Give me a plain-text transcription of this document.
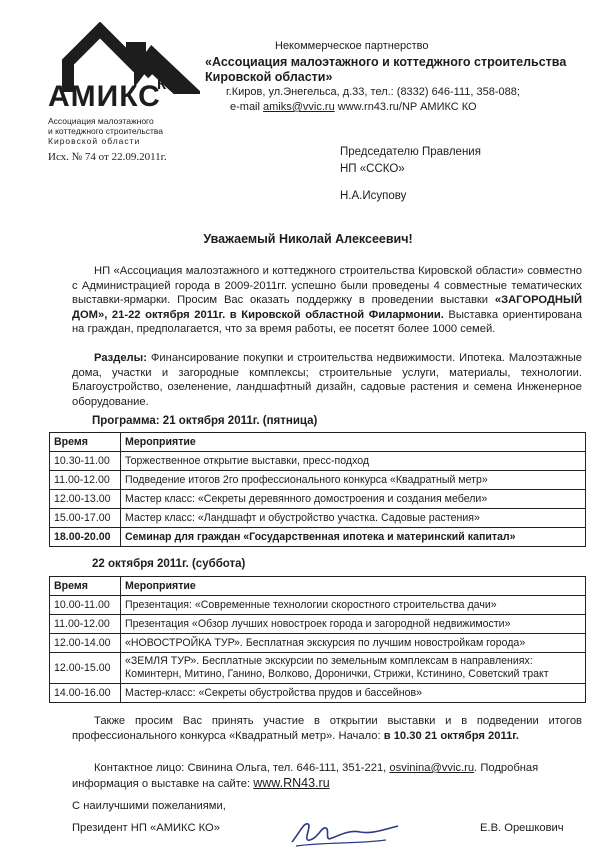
АМИКС
КО
Ассоциация малоэтажного
и коттеджного строительства
Кировской области
Некоммерческое партнерство
«Ассоциация малоэтажного и коттеджного строительства Кировской области»
г.Киров, ул.Энегельса, д.33, тел.: (8332) 646-111, 358-088;
e-mail amiks@vvic.ru www.rn43.ru/NP АМИКС КО
Исх. № 74 от 22.09.2011г.	Председателю Правления
НП «ССКО»
Н.А.Исупову
Уважаемый Николай Алексеевич!
НП «Ассоциация малоэтажного и коттеджного строительства Кировской области» совместно с Администрацией города в 2009-2011гг. успешно были проведены 4 совместные тематических выставки-ярмарки. Просим Вас оказать поддержку в проведении выставки «ЗАГОРОДНЫЙ ДОМ», 21-22 октября 2011г. в Кировской областной Филармонии. Выставка ориентирована на граждан, предполагается, что за время работы, ее посетят более 1000 семей.
Разделы: Финансирование покупки и строительства недвижимости. Ипотека. Малоэтажные дома, участки и загородные комплексы; строительные услуги, материалы, технологии. Благоустройство, озеленение, ландшафтный дизайн, садовые растения и семена Инженерное оборудование.
Программа: 21 октября 2011г. (пятница)
Время	Мероприятие
10.30-11.00	Торжественное открытие выставки, пресс-подход
11.00-12.00	Подведение итогов 2го профессионального конкурса «Квадратный метр»
12.00-13.00	Мастер класс: «Секреты деревянного домостроения и создания мебели»
15.00-17.00	Мастер класс: «Ландшафт и обустройство участка. Садовые растения»
18.00-20.00	Семинар для граждан «Государственная ипотека и материнский капитал»
22 октября 2011г. (суббота)
Время	Мероприятие
10.00-11.00	Презентация: «Современные технологии скоростного строительства дачи»
11.00-12.00	Презентация «Обзор лучших новостроек города и загородной недвижимости»
12.00-14.00	«НОВОСТРОЙКА ТУР». Бесплатная экскурсия по лучшим новостройкам города»
12.00-15.00	«ЗЕМЛЯ ТУР». Бесплатные экскурсии по земельным комплексам в направлениях: Коминтерн, Митино, Ганино, Волково, Доронички, Стрижи, Кстинино, Советский тракт
14.00-16.00	Мастер-класс: «Секреты обустройства прудов и бассейнов»
Также просим Вас принять участие в открытии выставки и в подведении итогов профессионального конкурса «Квадратный метр». Начало: в 10.30 21 октября 2011г.
Контактное лицо: Свинина Ольга, тел. 646-111, 351-221, osvinina@vvic.ru. Подробная информация о выставке на сайте: www.RN43.ru
С наилучшими пожеланиями,
Президент НП «АМИКС КО»	Е.В. Орешкович
